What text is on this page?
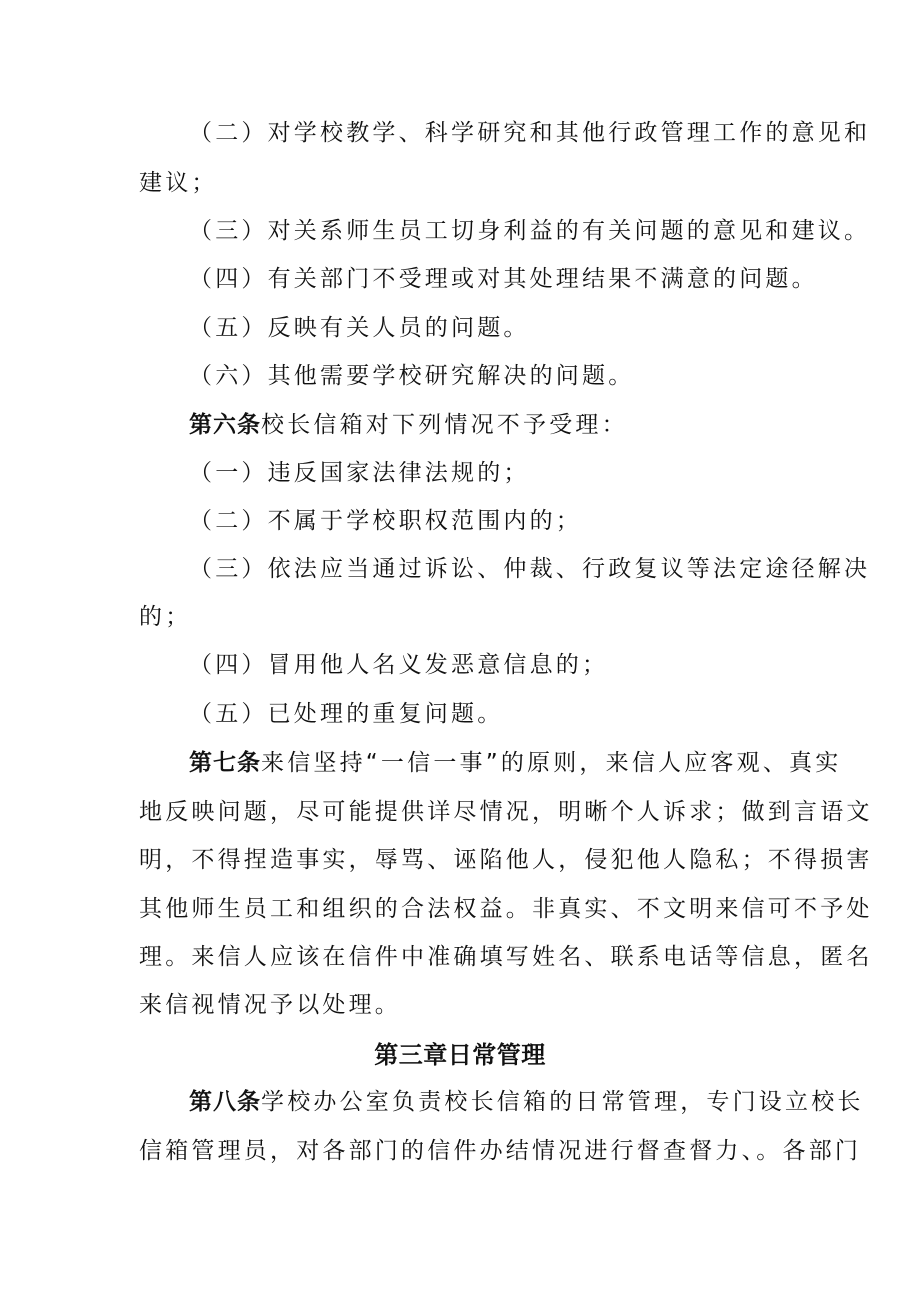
（二）对学校教学、科学研究和其他行政管理工作的意见和
建议；
（三）对关系师生员工切身利益的有关问题的意见和建议。
（四）有关部门不受理或对其处理结果不满意的问题。
（五）反映有关人员的问题。
（六）其他需要学校研究解决的问题。
第六条校长信箱对下列情况不予受理：
（一）违反国家法律法规的；
（二）不属于学校职权范围内的；
（三）依法应当通过诉讼、仲裁、行政复议等法定途径解决
的；
（四）冒用他人名义发恶意信息的；
（五）已处理的重复问题。
第七条来信坚持“一信一事”的原则，来信人应客观、真实
地反映问题，尽可能提供详尽情况，明晰个人诉求；做到言语文
明，不得捏造事实，辱骂、诬陷他人，侵犯他人隐私；不得损害
其他师生员工和组织的合法权益。非真实、不文明来信可不予处
理。来信人应该在信件中准确填写姓名、联系电话等信息，匿名
来信视情况予以处理。
第三章日常管理
第八条学校办公室负责校长信箱的日常管理，专门设立校长
信箱管理员，对各部门的信件办结情况进行督查督力、。各部门
